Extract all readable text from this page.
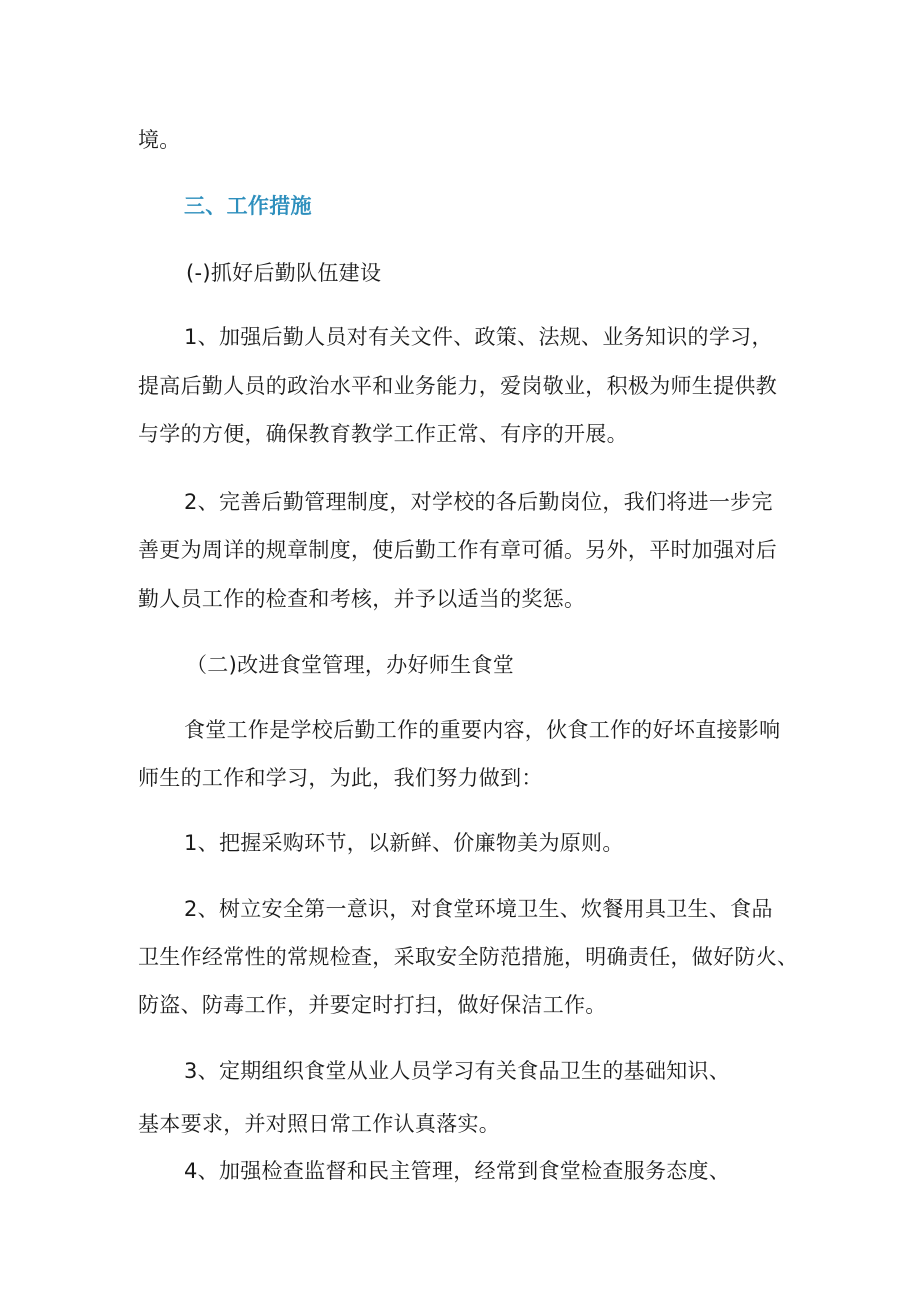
境。
三、工作措施
(-)抓好后勤队伍建设
1、加强后勤人员对有关文件、政策、法规、业务知识的学习，
提高后勤人员的政治水平和业务能力，爱岗敬业，积极为师生提供教
与学的方便，确保教育教学工作正常、有序的开展。
2、完善后勤管理制度，对学校的各后勤岗位，我们将进一步完
善更为周详的规章制度，使后勤工作有章可循。另外，平时加强对后
勤人员工作的检查和考核，并予以适当的奖惩。
（二)改进食堂管理，办好师生食堂
食堂工作是学校后勤工作的重要内容，伙食工作的好坏直接影响
师生的工作和学习，为此，我们努力做到：
1、把握采购环节，以新鲜、价廉物美为原则。
2、树立安全第一意识，对食堂环境卫生、炊餐用具卫生、食品
卫生作经常性的常规检查，采取安全防范措施，明确责任，做好防火、
防盗、防毒工作，并要定时打扫，做好保洁工作。
3、定期组织食堂从业人员学习有关食品卫生的基础知识、
基本要求，并对照日常工作认真落实。
4、加强检查监督和民主管理，经常到食堂检查服务态度、
